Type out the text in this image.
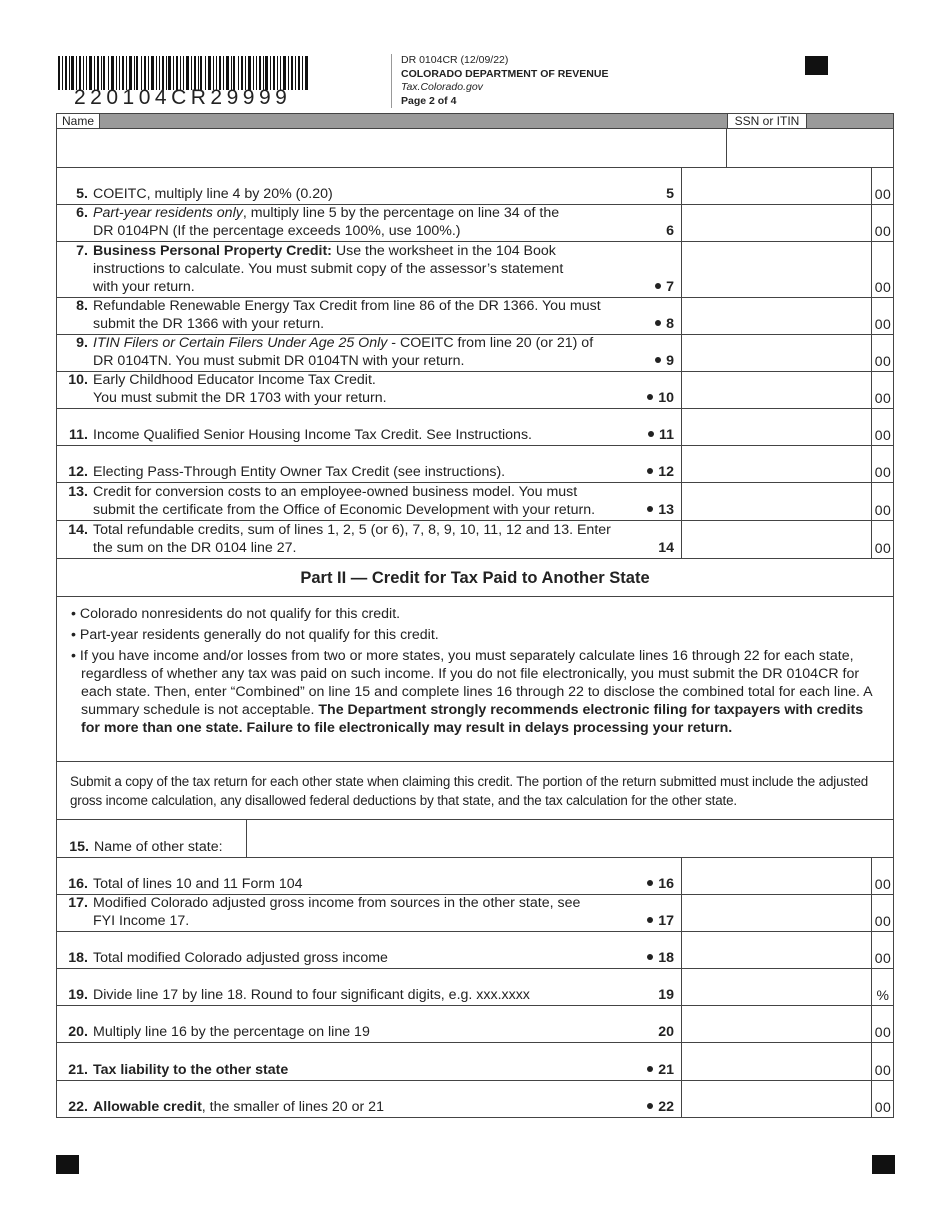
220104CR29999
DR 0104CR (12/09/22)
COLORADO DEPARTMENT OF REVENUE
Tax.Colorado.gov
Page 2 of 4
Name	SSN or ITIN
5. COEITC, multiply line 4 by 20% (0.20)	5	00
6. Part-year residents only, multiply line 5 by the percentage on line 34 of the
DR 0104PN (If the percentage exceeds 100%, use 100%.)	6	00
7. Business Personal Property Credit: Use the worksheet in the 104 Book
instructions to calculate. You must submit copy of the assessor’s statement
with your return.	7	00
8. Refundable Renewable Energy Tax Credit from line 86 of the DR 1366. You must
submit the DR 1366 with your return.	8	00
9. ITIN Filers or Certain Filers Under Age 25 Only - COEITC from line 20 (or 21) of
DR 0104TN. You must submit DR 0104TN with your return.	9	00
10. Early Childhood Educator Income Tax Credit.
You must submit the DR 1703 with your return.	10	00
11. Income Qualified Senior Housing Income Tax Credit. See Instructions.	11	00
12. Electing Pass-Through Entity Owner Tax Credit (see instructions).	12	00
13. Credit for conversion costs to an employee-owned business model. You must
submit the certificate from the Office of Economic Development with your return.	13	00
14. Total refundable credits, sum of lines 1, 2, 5 (or 6), 7, 8, 9, 10, 11, 12 and 13. Enter
the sum on the DR 0104 line 27.	14	00
Part II — Credit for Tax Paid to Another State

• Colorado nonresidents do not qualify for this credit.

• Part-year residents generally do not qualify for this credit.

• If you have income and/or losses from two or more states, you must separately calculate lines 16 through 22 for each state, regardless of whether any tax was paid on such income. If you do not file electronically, you must submit the DR 0104CR for each state. Then, enter “Combined” on line 15 and complete lines 16 through 22 to disclose the combined total for each line. A summary schedule is not acceptable. The Department strongly recommends electronic filing for taxpayers with credits for more than one state. Failure to file electronically may result in delays processing your return.

Submit a copy of the tax return for each other state when claiming this credit. The portion of the return submitted must include the adjusted gross income calculation, any disallowed federal deductions by that state, and the tax calculation for the other state.
15. Name of other state:
16. Total of lines 10 and 11 Form 104	16	00
17. Modified Colorado adjusted gross income from sources in the other state, see
FYI Income 17.	17	00
18. Total modified Colorado adjusted gross income	18	00
19. Divide line 17 by line 18. Round to four significant digits, e.g. xxx.xxxx	19	%
20. Multiply line 16 by the percentage on line 19	20	00
21. Tax liability to the other state	21	00
22. Allowable credit, the smaller of lines 20 or 21	22	00
